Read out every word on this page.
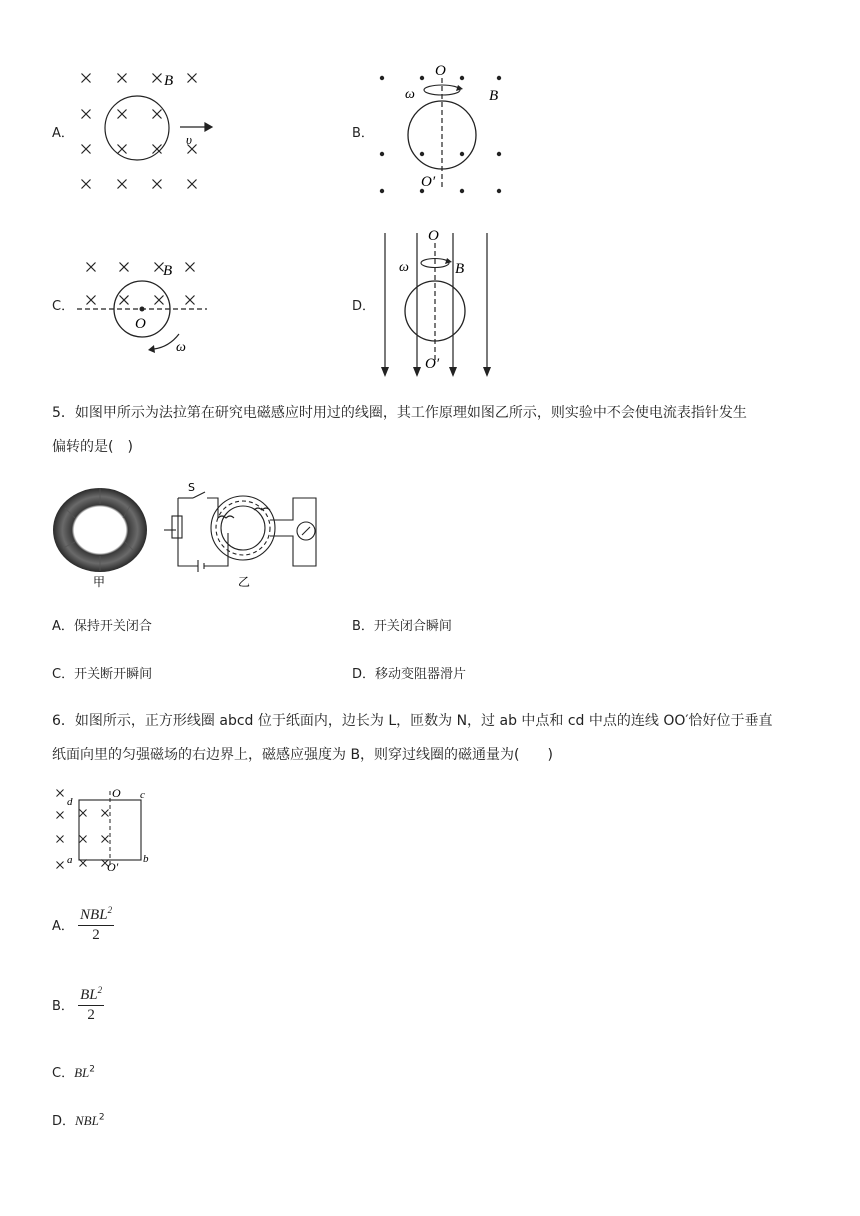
A．
B
υ	B．
O
O′
ω	B
C．
O
B
ω
D．
O
O′
ω	B
5．如图甲所示为法拉第在研究电磁感应时用过的线圈，其工作原理如图乙所示，则实验中不会使电流表指针发生
偏转的是(　)
甲
S
乙
A．保持开关闭合	B．开关闭合瞬间
C．开关断开瞬间	D．移动变阻器滑片
6．如图所示，正方形线圈 abcd 位于纸面内，边长为 L，匝数为 N，过 ab 中点和 cd 中点的连线 OO′恰好位于垂直
纸面向里的匀强磁场的右边界上，磁感应强度为 B，则穿过线圈的磁通量为(　　)
d
c
a	b
O
O′
A． $\frac{NBL^2}{2}$
B． $\frac{BL^2}{2}$
C．$BL^2$
D．NBL$^2$
